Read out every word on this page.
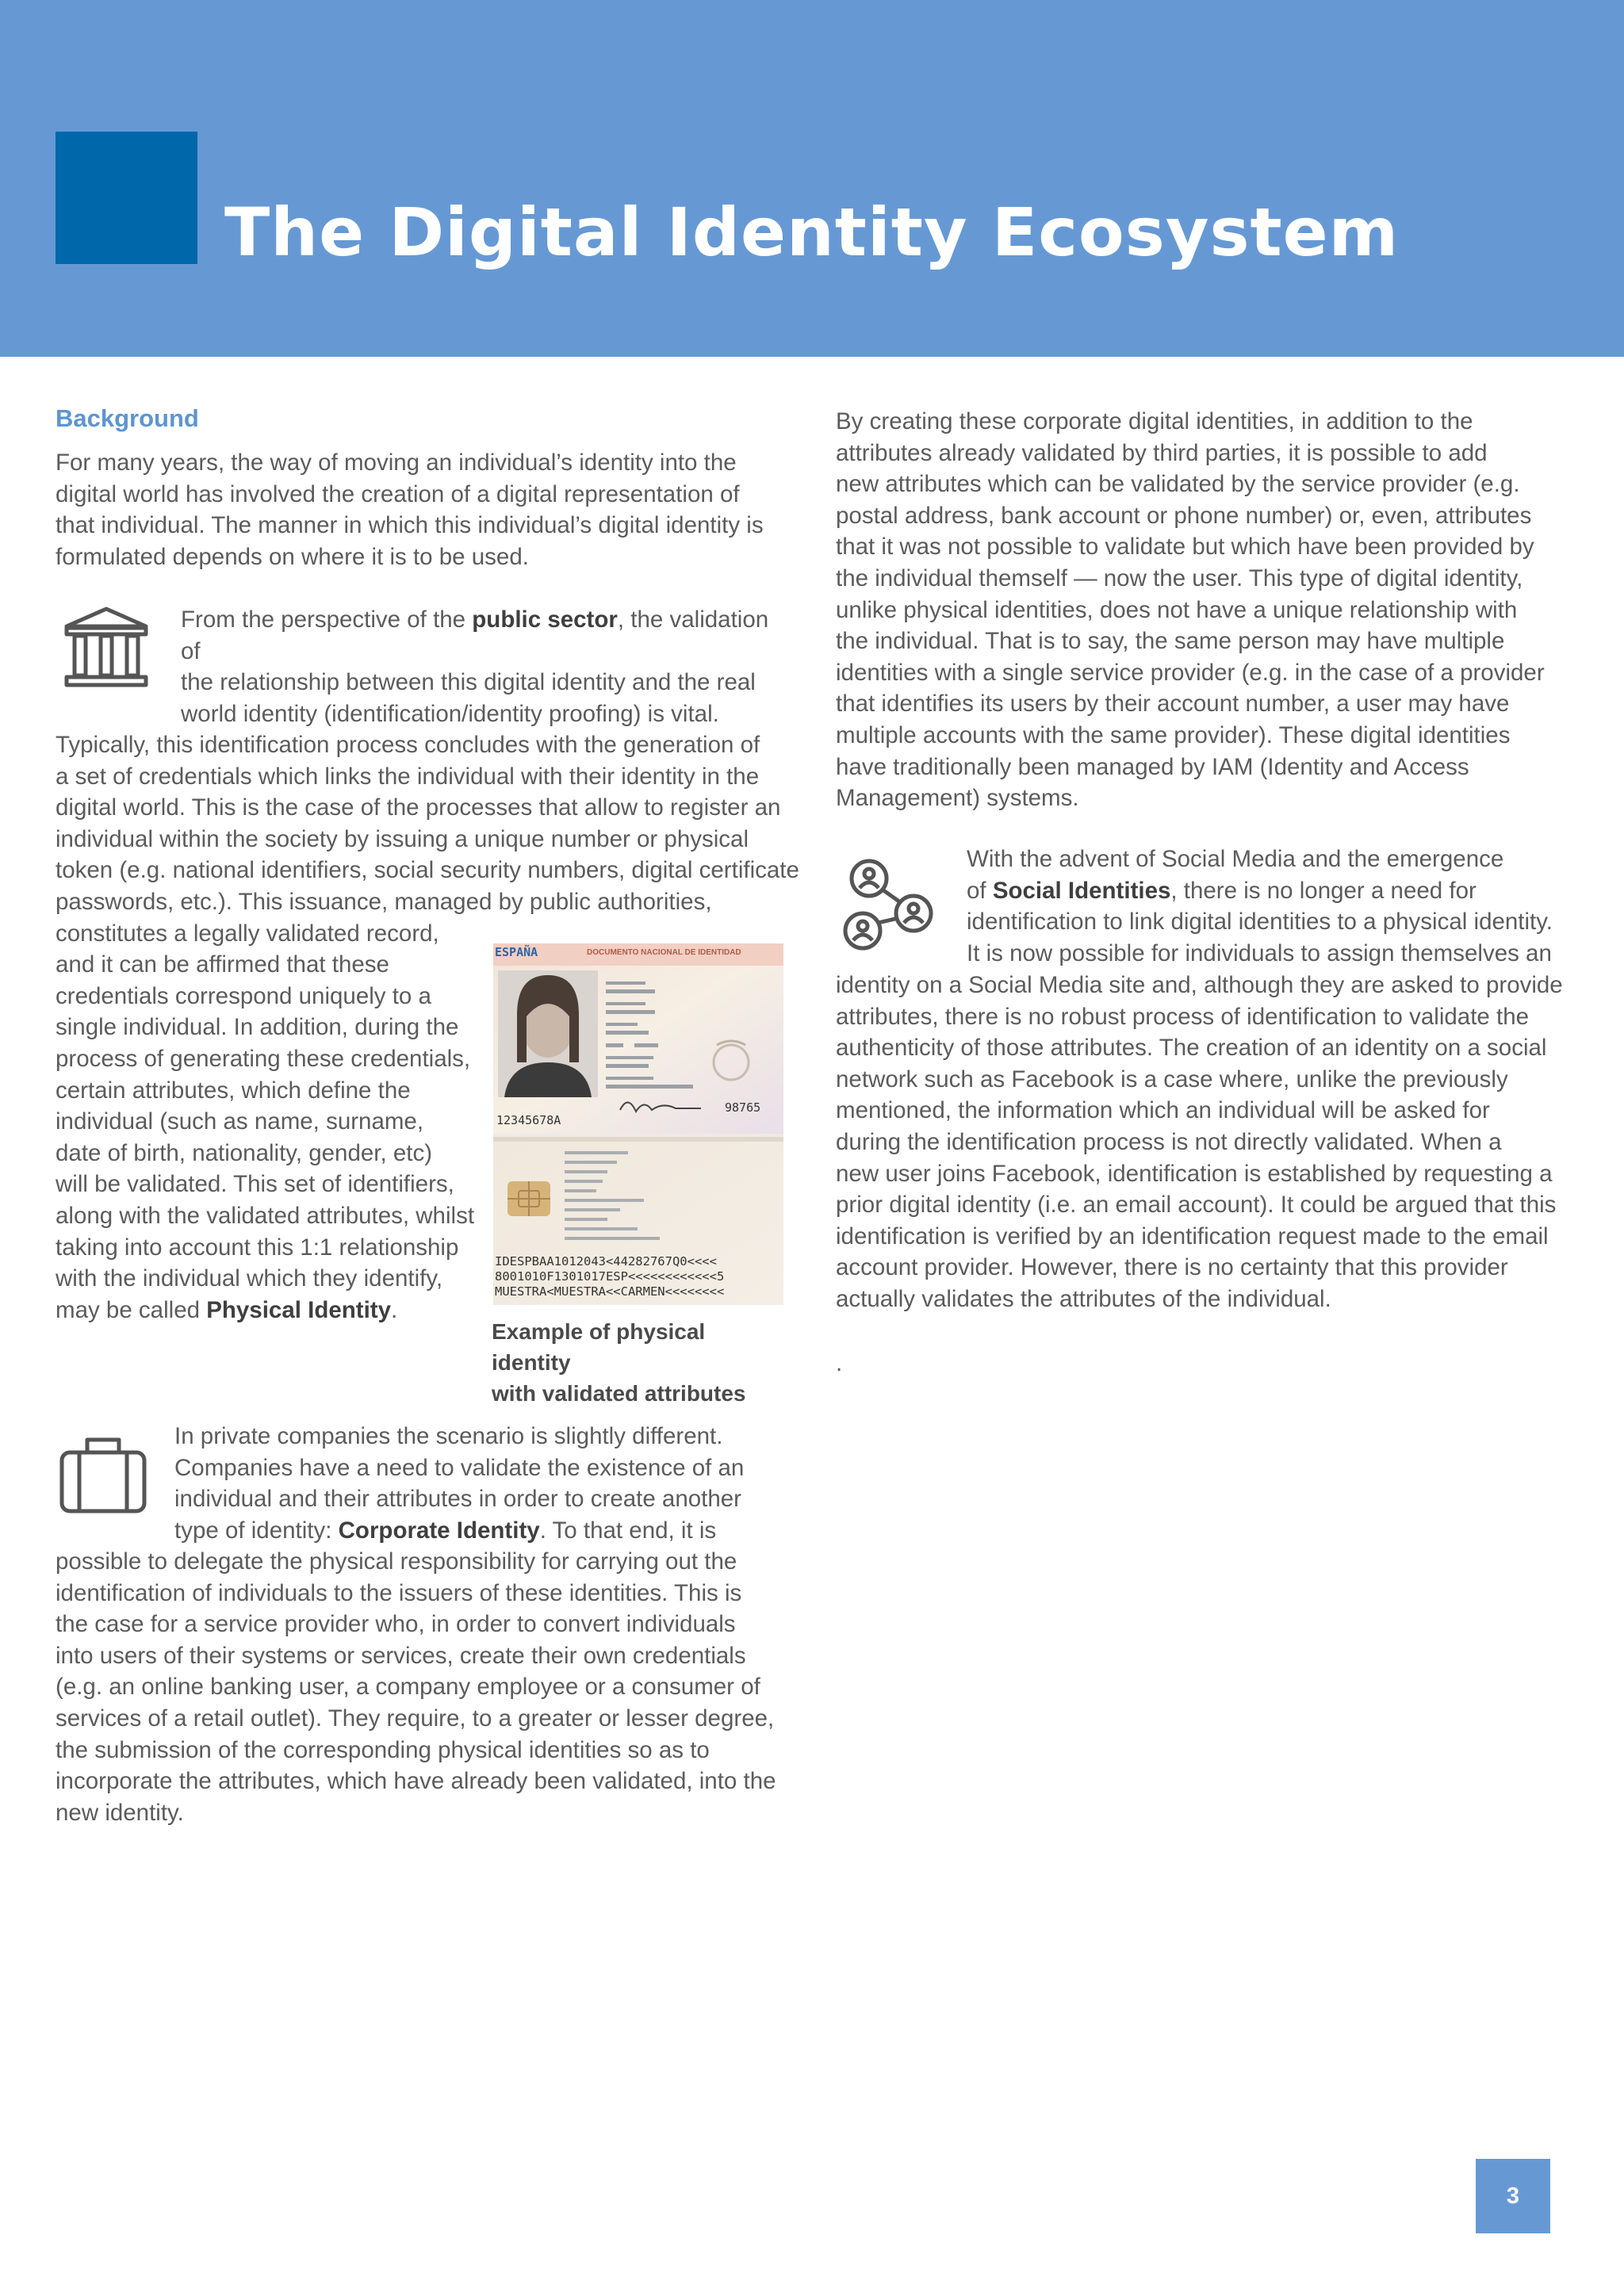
The Digital Identity Ecosystem
Background
For many years, the way of moving an individual’s identity into the
digital world has involved the creation of a digital representation of
that individual. The manner in which this individual’s digital identity is
formulated depends on where it is to be used.
From the perspective of the public sector, the validation of
the relationship between this digital identity and the real
world identity (identification/identity proofing) is vital.
Typically, this identification process concludes with the generation of
a set of credentials which links the individual with their identity in the
digital world. This is the case of the processes that allow to register an
individual within the society by issuing a unique number or physical
token (e.g. national identifiers, social security numbers, digital certificate
passwords, etc.). This issuance, managed by public authorities,
constitutes a legally validated record,
and it can be affirmed that these
credentials correspond uniquely to a
single individual. In addition, during the
process of generating these credentials,
certain attributes, which define the
individual (such as name, surname,
date of birth, nationality, gender, etc)
will be validated. This set of identifiers,
along with the validated attributes, whilst
taking into account this 1:1 relationship
with the individual which they identify,
may be called Physical Identity.
ESPAÑA	DOCUMENTO NACIONAL DE IDENTIDAD
12345678A
98765
IDESPBAA1012043<44282767Q0<<<<
8001010F1301017ESP<<<<<<<<<<<<5
MUESTRA<MUESTRA<<CARMEN<<<<<<<<
Example of physical identity
with validated attributes
In private companies the scenario is slightly different.
Companies have a need to validate the existence of an
individual and their attributes in order to create another
type of identity: Corporate Identity. To that end, it is
possible to delegate the physical responsibility for carrying out the
identification of individuals to the issuers of these identities. This is
the case for a service provider who, in order to convert individuals
into users of their systems or services, create their own credentials
(e.g. an online banking user, a company employee or a consumer of
services of a retail outlet). They require, to a greater or lesser degree,
the submission of the corresponding physical identities so as to
incorporate the attributes, which have already been validated, into the
new identity.
By creating these corporate digital identities, in addition to the
attributes already validated by third parties, it is possible to add
new attributes which can be validated by the service provider (e.g.
postal address, bank account or phone number) or, even, attributes
that it was not possible to validate but which have been provided by
the individual themself — now the user. This type of digital identity,
unlike physical identities, does not have a unique relationship with
the individual. That is to say, the same person may have multiple
identities with a single service provider (e.g. in the case of a provider
that identifies its users by their account number, a user may have
multiple accounts with the same provider). These digital identities
have traditionally been managed by IAM (Identity and Access
Management) systems.
With the advent of Social Media and the emergence
of Social Identities, there is no longer a need for
identification to link digital identities to a physical identity.
It is now possible for individuals to assign themselves an
identity on a Social Media site and, although they are asked to provide
attributes, there is no robust process of identification to validate the
authenticity of those attributes. The creation of an identity on a social
network such as Facebook is a case where, unlike the previously
mentioned, the information which an individual will be asked for
during the identification process is not directly validated. When a
new user joins Facebook, identification is established by requesting a
prior digital identity (i.e. an email account). It could be argued that this
identification is verified by an identification request made to the email
account provider. However, there is no certainty that this provider
actually validates the attributes of the individual.
.
3
